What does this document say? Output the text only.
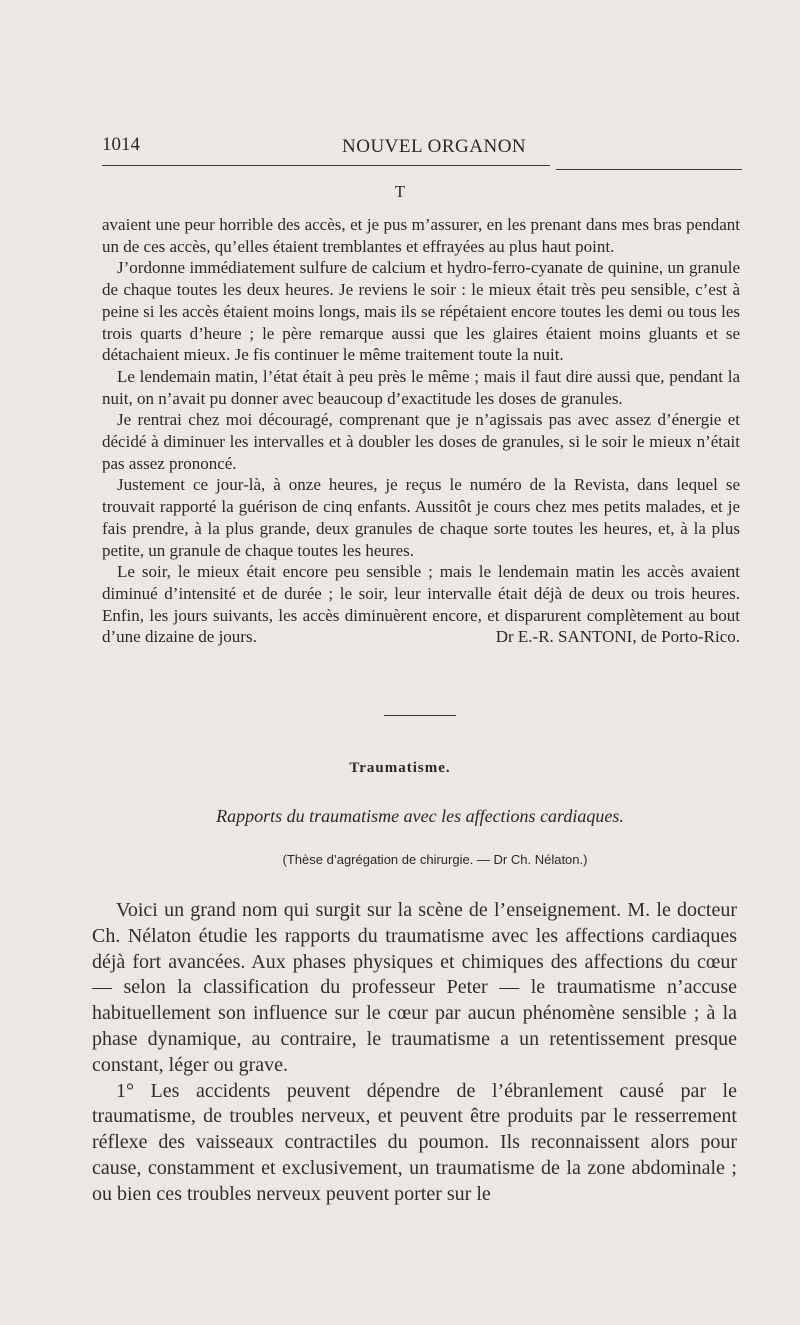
1014	NOUVEL ORGANON
T

avaient une peur horrible des accès, et je pus m’assurer, en les prenant dans mes bras pendant un de ces accès, qu’elles étaient tremblantes et effrayées au plus haut point.

J’ordonne immédiatement sulfure de calcium et hydro-ferro-cyanate de quinine, un granule de chaque toutes les deux heures. Je reviens le soir : le mieux était très peu sensible, c’est à peine si les accès étaient moins longs, mais ils se répétaient encore toutes les demi ou tous les trois quarts d’heure ; le père remarque aussi que les glaires étaient moins gluants et se détachaient mieux. Je fis continuer le même traitement toute la nuit.

Le lendemain matin, l’état était à peu près le même ; mais il faut dire aussi que, pendant la nuit, on n’avait pu donner avec beaucoup d’exactitude les doses de granules.

Je rentrai chez moi découragé, comprenant que je n’agissais pas avec assez d’énergie et décidé à diminuer les intervalles et à doubler les doses de granules, si le soir le mieux n’était pas assez prononcé.

Justement ce jour-là, à onze heures, je reçus le numéro de la Revista, dans lequel se trouvait rapporté la guérison de cinq enfants. Aussitôt je cours chez mes petits malades, et je fais prendre, à la plus grande, deux granules de chaque sorte toutes les heures, et, à la plus petite, un granule de chaque toutes les heures.

Le soir, le mieux était encore peu sensible ; mais le lendemain matin les accès avaient diminué d’intensité et de durée ; le soir, leur intervalle était déjà de deux ou trois heures. Enfin, les jours suivants, les accès diminuèrent encore, et disparurent complètement au bout d’une dizaine de jours.	Dr E.-R. SANTONI, de Porto-Rico.

Traumatisme.
Rapports du traumatisme avec les affections cardiaques.
(Thèse d’agrégation de chirurgie. — Dr Ch. Nélaton.)

Voici un grand nom qui surgit sur la scène de l’enseignement. M. le docteur Ch. Nélaton étudie les rapports du traumatisme avec les affections cardiaques déjà fort avancées. Aux phases physiques et chimiques des affections du cœur — selon la classification du professeur Peter — le traumatisme n’accuse habituellement son influence sur le cœur par aucun phénomène sensible ; à la phase dynamique, au contraire, le traumatisme a un retentissement presque constant, léger ou grave.

1° Les accidents peuvent dépendre de l’ébranlement causé par le traumatisme, de troubles nerveux, et peuvent être produits par le resserrement réflexe des vaisseaux contractiles du poumon. Ils reconnaissent alors pour cause, constamment et exclusivement, un traumatisme de la zone abdominale ; ou bien ces troubles nerveux peuvent porter sur le
